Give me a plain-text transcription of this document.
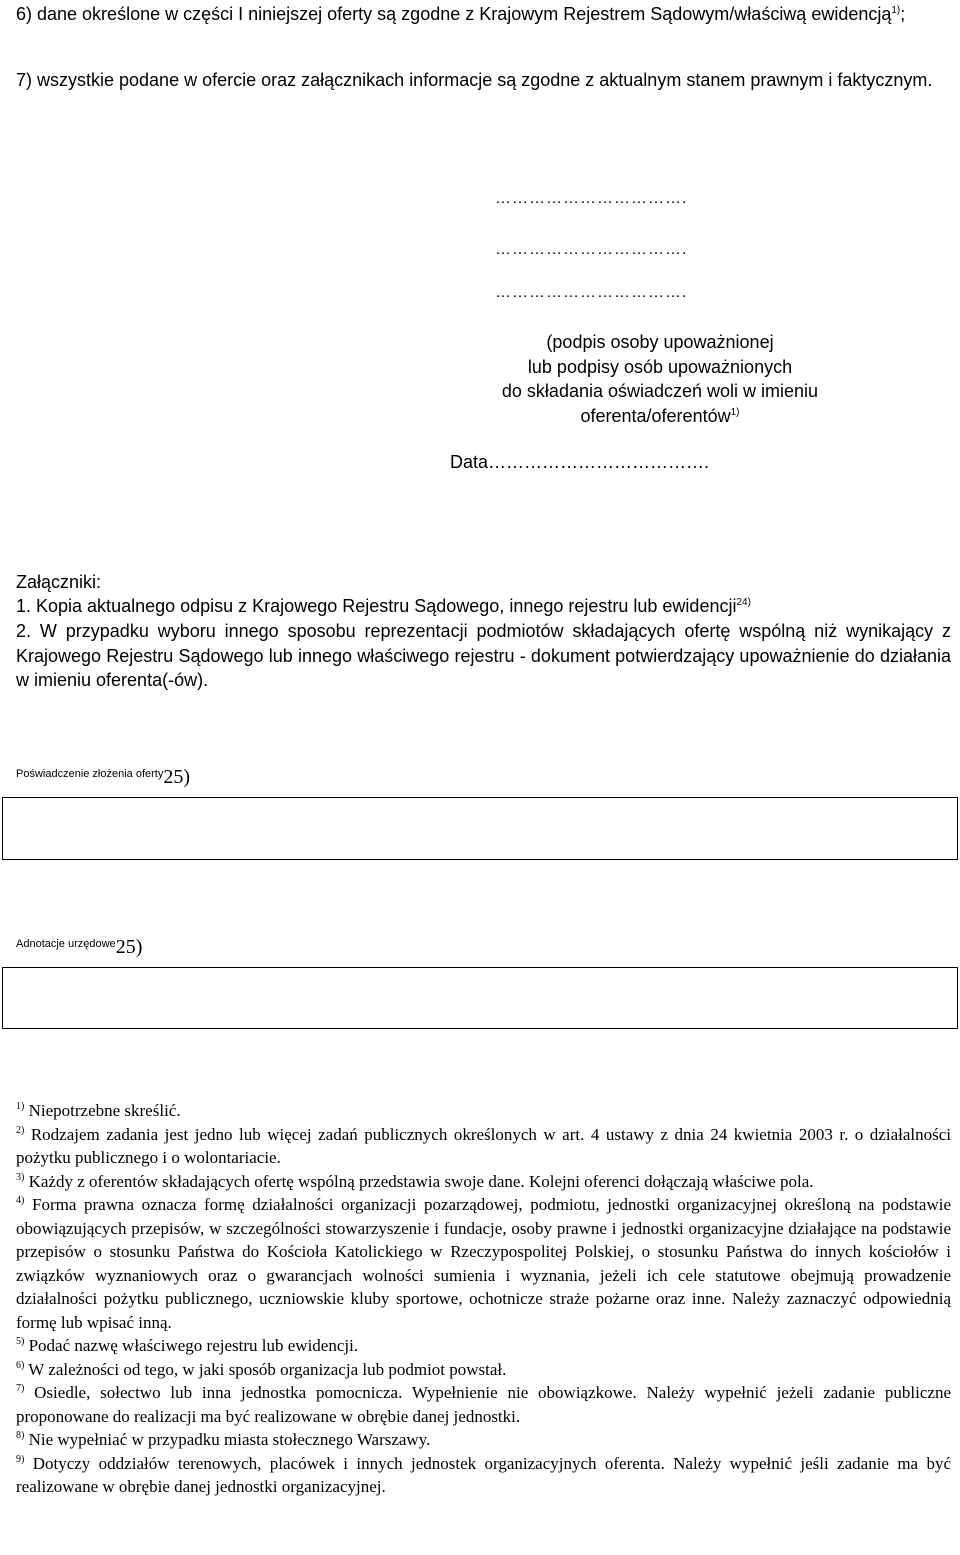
6) dane określone w części I niniejszej oferty są zgodne z Krajowym Rejestrem Sądowym/właściwą ewidencją$^{1)}$;
7) wszystkie podane w ofercie oraz załącznikach informacje są zgodne z aktualnym stanem prawnym i faktycznym.
…………………………….
…………………………….
…………………………….
(podpis osoby upoważnionej
lub podpisy osób upoważnionych
do składania oświadczeń woli w imieniu
oferenta/oferentów$^{1)}$
Data……………………………….
Załączniki:
1. Kopia aktualnego odpisu z Krajowego Rejestru Sądowego, innego rejestru lub ewidencji$^{24)}$
2. W przypadku wyboru innego sposobu reprezentacji podmiotów składających ofertę wspólną niż wynikający z Krajowego Rejestru Sądowego lub innego właściwego rejestru - dokument potwierdzający upoważnienie do działania w imieniu oferenta(-ów).
Poświadczenie złożenia oferty25)
Adnotacje urzędowe25)

$^{1)}$ Niepotrzebne skreślić.

$^{2)}$ Rodzajem zadania jest jedno lub więcej zadań publicznych określonych w art. 4 ustawy z dnia 24 kwietnia 2003 r. o działalności pożytku publicznego i o wolontariacie.

$^{3)}$ Każdy z oferentów składających ofertę wspólną przedstawia swoje dane. Kolejni oferenci dołączają właściwe pola.

$^{4)}$ Forma prawna oznacza formę działalności organizacji pozarządowej, podmiotu, jednostki organizacyjnej określoną na podstawie obowiązujących przepisów, w szczególności stowarzyszenie i fundacje, osoby prawne i jednostki organizacyjne działające na podstawie przepisów o stosunku Państwa do Kościoła Katolickiego w Rzeczypospolitej Polskiej, o stosunku Państwa do innych kościołów i związków wyznaniowych oraz o gwarancjach wolności sumienia i wyznania, jeżeli ich cele statutowe obejmują prowadzenie działalności pożytku publicznego, uczniowskie kluby sportowe, ochotnicze straże pożarne oraz inne. Należy zaznaczyć odpowiednią formę lub wpisać inną.

$^{5)}$ Podać nazwę właściwego rejestru lub ewidencji.

$^{6)}$ W zależności od tego, w jaki sposób organizacja lub podmiot powstał.

$^{7)}$ Osiedle, sołectwo lub inna jednostka pomocnicza. Wypełnienie nie obowiązkowe. Należy wypełnić jeżeli zadanie publiczne proponowane do realizacji ma być realizowane w obrębie danej jednostki.

$^{8)}$ Nie wypełniać w przypadku miasta stołecznego Warszawy.

$^{9)}$ Dotyczy oddziałów terenowych, placówek i innych jednostek organizacyjnych oferenta. Należy wypełnić jeśli zadanie ma być realizowane w obrębie danej jednostki organizacyjnej.
